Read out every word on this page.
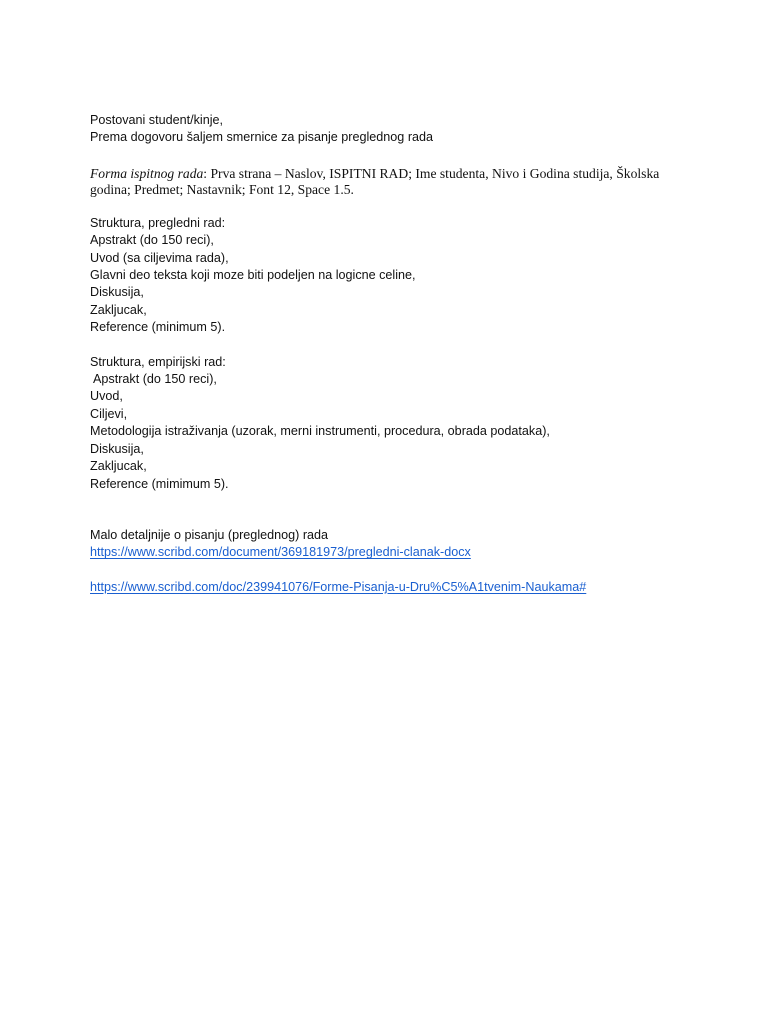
Postovani student/kinje,
Prema dogovoru šaljem smernice za pisanje preglednog rada
Forma ispitnog rada: Prva strana – Naslov, ISPITNI RAD; Ime studenta, Nivo i Godina studija, Školska
godina; Predmet; Nastavnik; Font 12, Space 1.5.
Struktura, pregledni rad:
Apstrakt (do 150 reci),
Uvod (sa ciljevima rada),
Glavni deo teksta koji moze biti podeljen na logicne celine,
Diskusija,
Zakljucak,
Reference (minimum 5).
Struktura, empirijski rad:
Apstrakt (do 150 reci),
Uvod,
Ciljevi,
Metodologija istraživanja (uzorak, merni instrumenti, procedura, obrada podataka),
Diskusija,
Zakljucak,
Reference (mimimum 5).
Malo detaljnije o pisanju (preglednog) rada
https://www.scribd.com/document/369181973/pregledni-clanak-docx
https://www.scribd.com/doc/239941076/Forme-Pisanja-u-Dru%C5%A1tvenim-Naukama#
